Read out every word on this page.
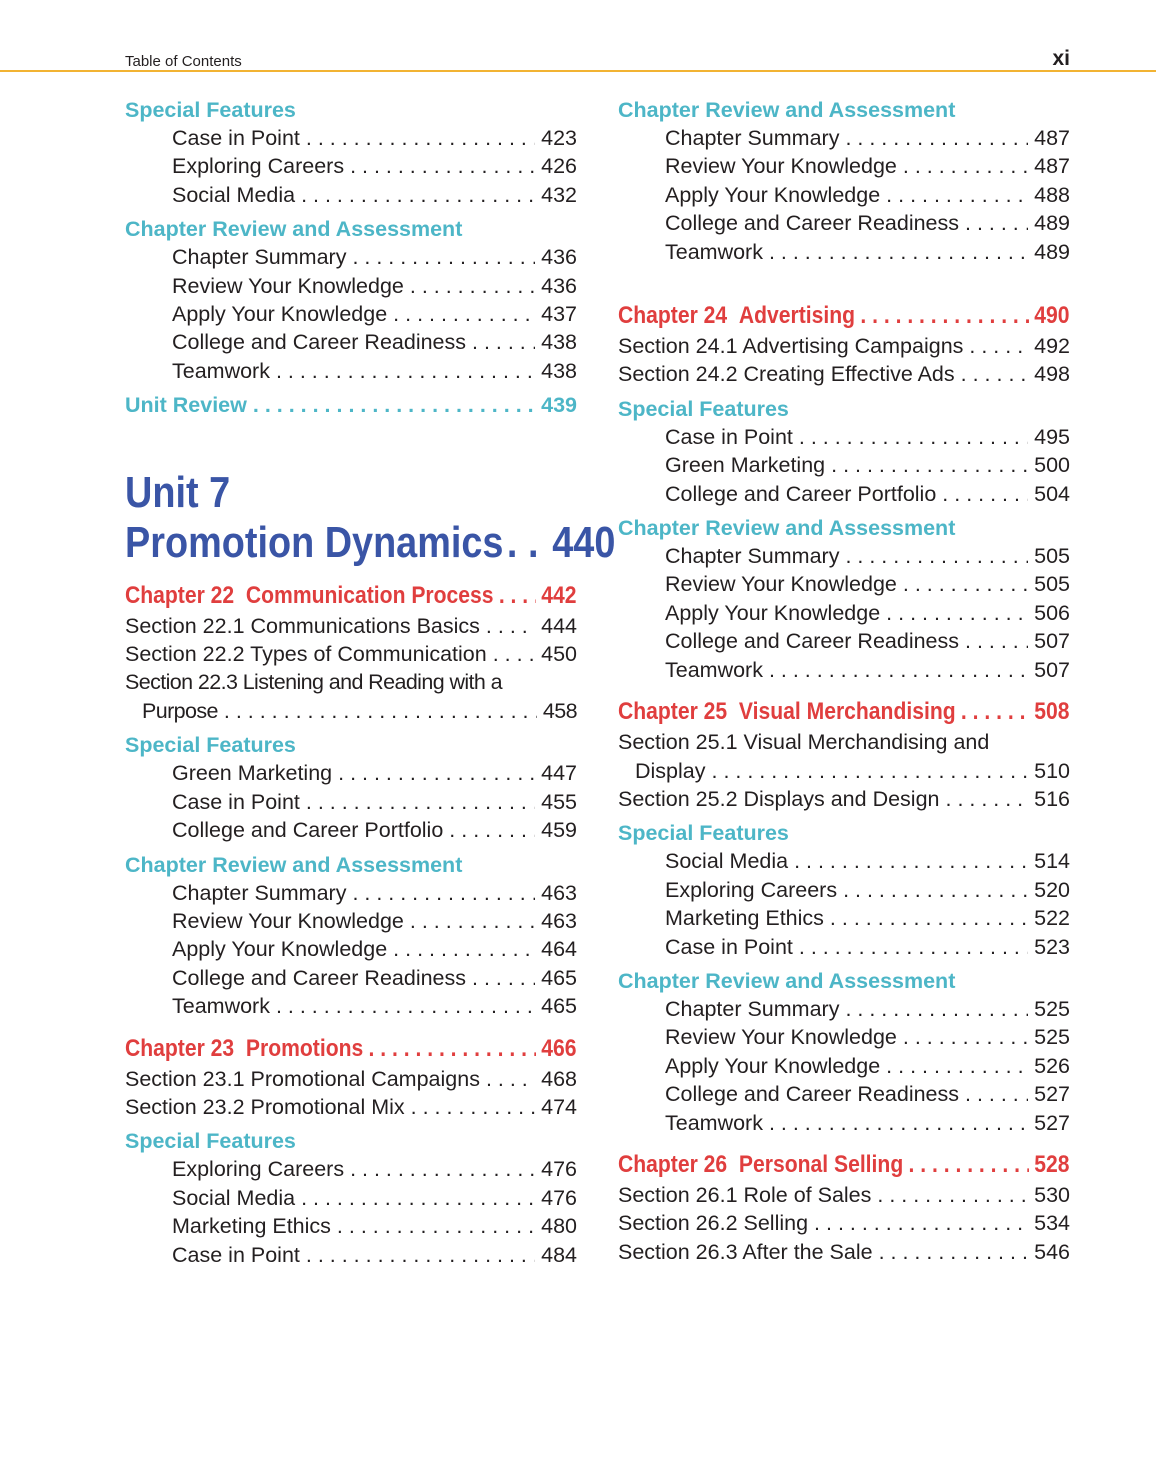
Table of Contents	xi
Special Features
Case in Point . . .	423
Exploring Careers . . .	426
Social Media . . .	432
Chapter Review and Assessment
Chapter Summary . . .	436
Review Your Knowledge . . .	436
Apply Your Knowledge . . .	437
College and Career Readiness . . .	438
Teamwork . . .	438
Unit Review . . .	439
Unit 7
Promotion Dynamics . .	440
Chapter 22 Communication Process . . . 442
Section 22.1 Communications Basics . . .	444
Section 22.2 Types of Communication . . .	450
Section 22.3 Listening and Reading with a
Purpose . . .	458
Special Features
Green Marketing . . .	447
Case in Point . . .	455
College and Career Portfolio . . .	459
Chapter Review and Assessment
Chapter Summary . . .	463
Review Your Knowledge . . .	463
Apply Your Knowledge . . .	464
College and Career Readiness . . .	465
Teamwork . . .	465
Chapter 23 Promotions . . .	466
Section 23.1 Promotional Campaigns . . .	468
Section 23.2 Promotional Mix . . .	474
Special Features
Exploring Careers . . .	476
Social Media . . .	476
Marketing Ethics . . .	480
Case in Point . . .	484
Chapter Review and Assessment
Chapter Summary . . .	487
Review Your Knowledge . . .	487
Apply Your Knowledge . . .	488
College and Career Readiness . . .	489
Teamwork . . .	489
Chapter 24 Advertising . . .	490
Section 24.1 Advertising Campaigns . . .	492
Section 24.2 Creating Effective Ads . . .	498
Special Features
Case in Point . . .	495
Green Marketing . . .	500
College and Career Portfolio . . .	504
Chapter Review and Assessment
Chapter Summary . . .	505
Review Your Knowledge . . .	505
Apply Your Knowledge . . .	506
College and Career Readiness . . .	507
Teamwork . . .	507
Chapter 25 Visual Merchandising . . .	508
Section 25.1 Visual Merchandising and
Display . . .	510
Section 25.2 Displays and Design . . .	516
Special Features
Social Media . . .	514
Exploring Careers . . .	520
Marketing Ethics . . .	522
Case in Point . . .	523
Chapter Review and Assessment
Chapter Summary . . .	525
Review Your Knowledge . . .	525
Apply Your Knowledge . . .	526
College and Career Readiness . . .	527
Teamwork . . .	527
Chapter 26 Personal Selling . . .	528
Section 26.1 Role of Sales . . .	530
Section 26.2 Selling . . .	534
Section 26.3 After the Sale . . .	546
